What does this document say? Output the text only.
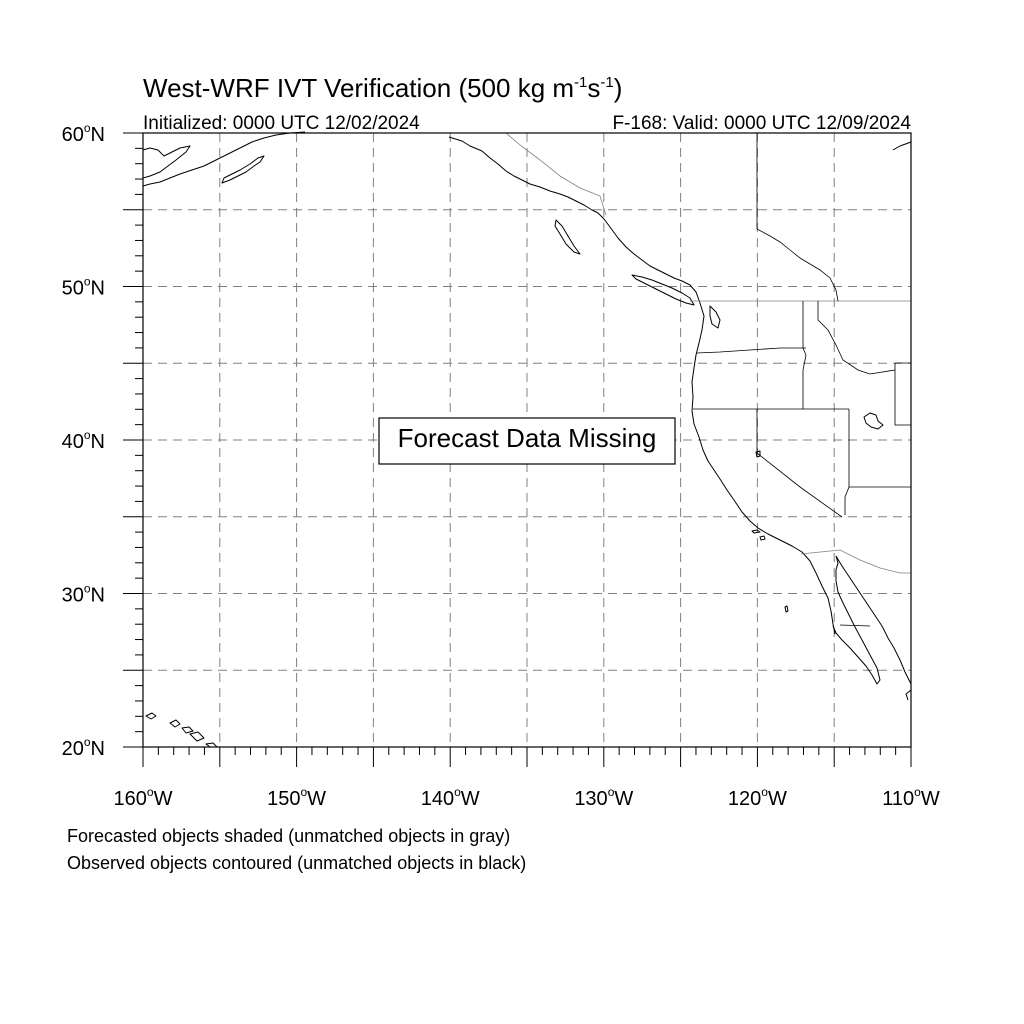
West-WRF IVT Verification (500 kg $m^{-1}s^{-1}$)
Initialized: 0000 UTC 12/02/2024	F-168: Valid: 0000 UTC 12/09/2024
60$^o$N
50$^o$N
40$^o$N
30$^o$N
20$^o$N
160$^o$W	150$^o$W	140$^o$W	130$^o$W	120$^o$W	110$^o$W
Forecast Data Missing
Forecasted objects shaded (unmatched objects in gray)
Observed objects contoured (unmatched objects in black)
